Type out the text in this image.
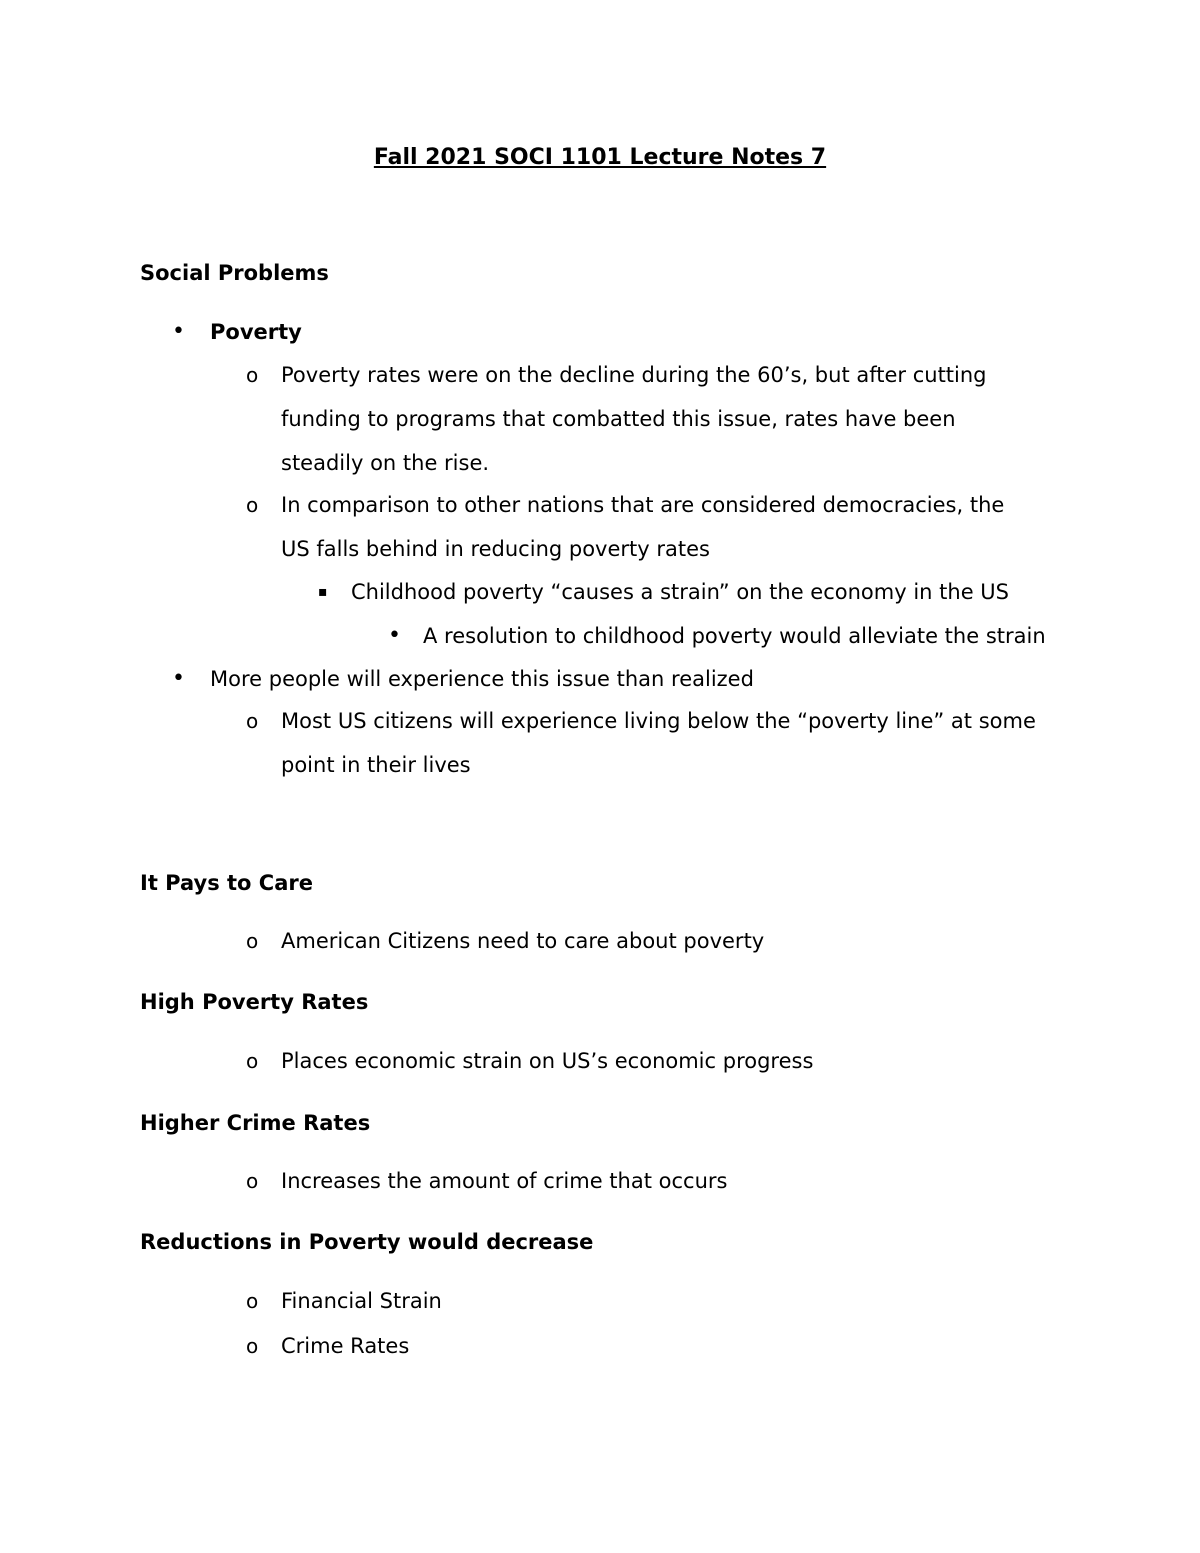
Fall 2021 SOCI 1101 Lecture Notes 7
Social Problems
• Poverty
o Poverty rates were on the decline during the 60’s, but after cutting funding to programs that combatted this issue, rates have been steadily on the rise.
o In comparison to other nations that are considered democracies, the US falls behind in reducing poverty rates
▪ Childhood poverty “causes a strain” on the economy in the US
• A resolution to childhood poverty would alleviate the strain
• More people will experience this issue than realized
o Most US citizens will experience living below the “poverty line” at some point in their lives
It Pays to Care
o American Citizens need to care about poverty
High Poverty Rates
o Places economic strain on US’s economic progress
Higher Crime Rates
o Increases the amount of crime that occurs
Reductions in Poverty would decrease
o Financial Strain
o Crime Rates
